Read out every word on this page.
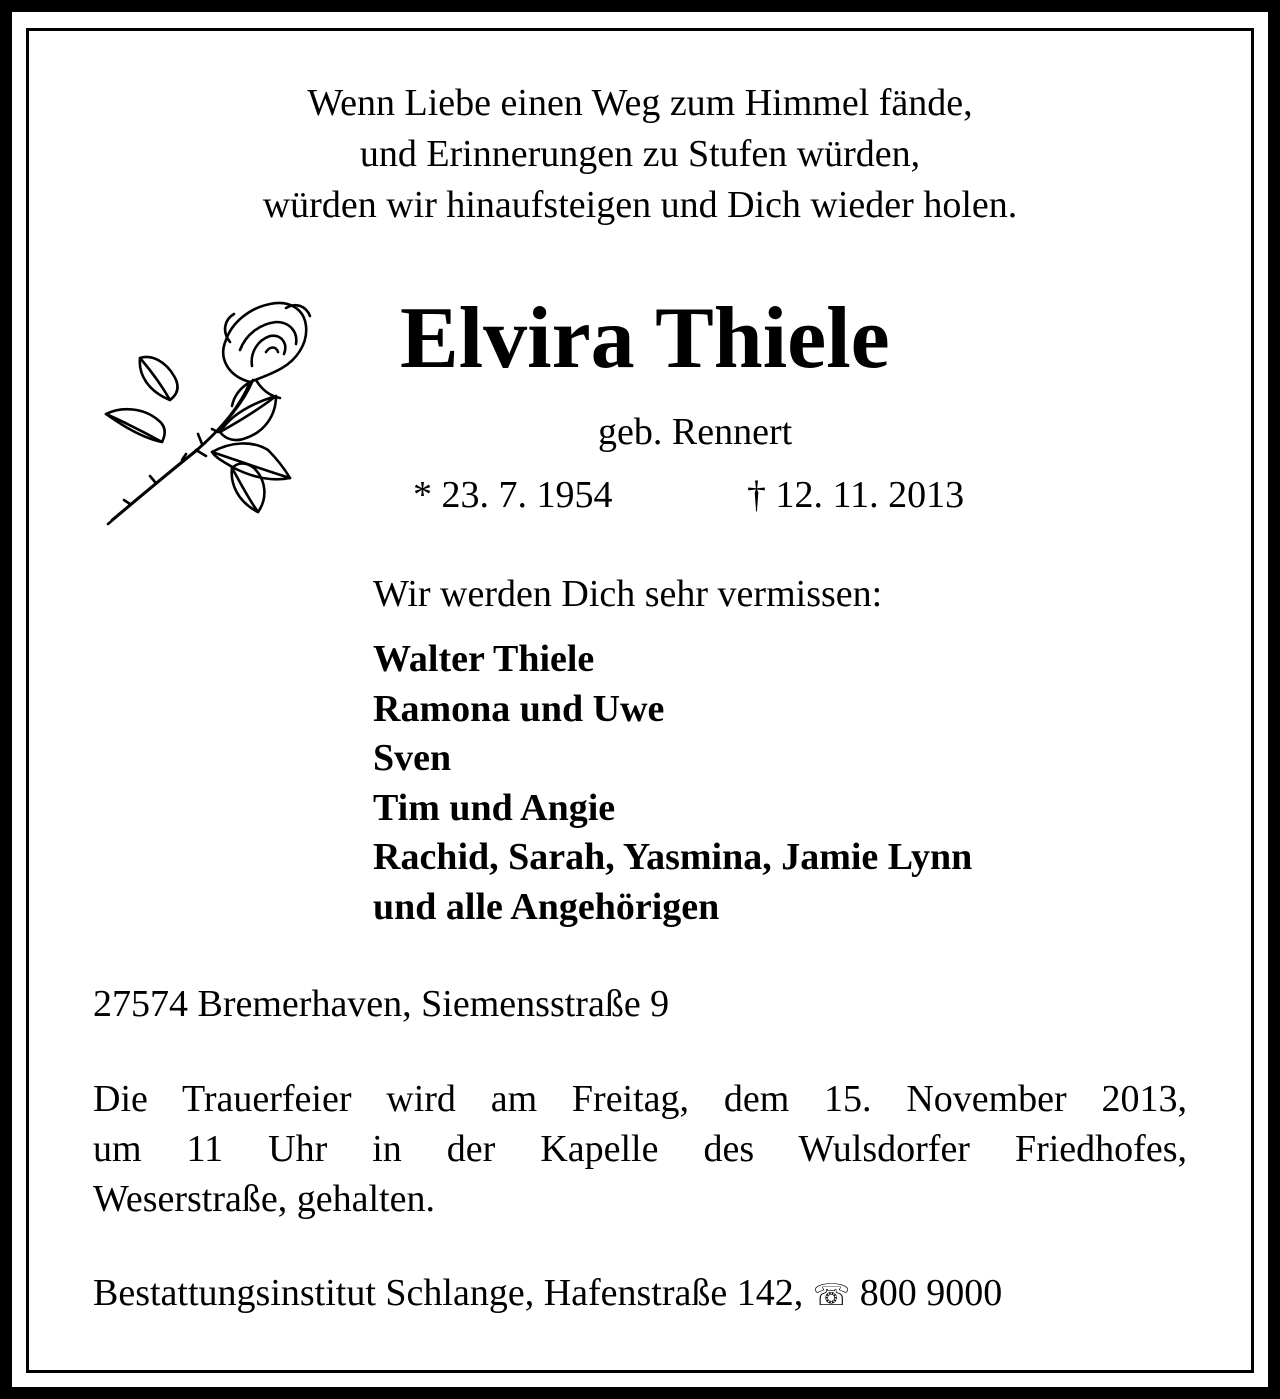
Wenn Liebe einen Weg zum Himmel fände,
und Erinnerungen zu Stufen würden,
würden wir hinaufsteigen und Dich wieder holen.
Elvira Thiele
geb. Rennert
* 23. 7. 1954	† 12. 11. 2013
Wir werden Dich sehr vermissen:
Walter Thiele
Ramona und Uwe
Sven
Tim und Angie
Rachid, Sarah, Yasmina, Jamie Lynn
und alle Angehörigen
27574 Bremerhaven, Siemensstraße 9
Die Trauerfeier wird am Freitag, dem 15. November 2013,
um 11 Uhr in der Kapelle des Wulsdorfer Friedhofes,
Weserstraße, gehalten.
Bestattungsinstitut Schlange, Hafenstraße 142, ☏ 800 9000
